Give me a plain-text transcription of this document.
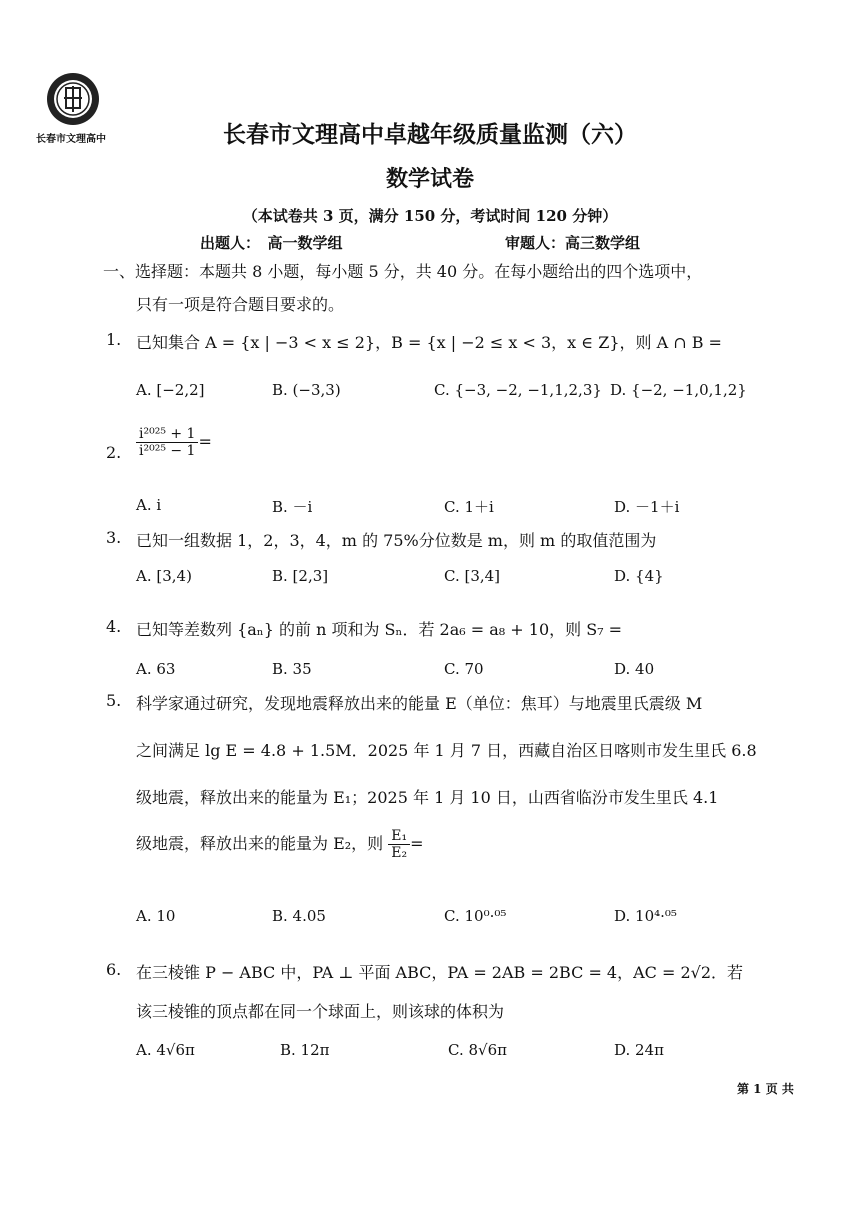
长春市文理高中	长春市文理高中卓越年级质量监测（六）
数学试卷
（本试卷共 3 页，满分 150 分，考试时间 120 分钟）
出题人：　高一数学组	审题人：高三数学组
一、选择题：本题共 8 小题，每小题 5 分，共 40 分。在每小题给出的四个选项中，
只有一项是符合题目要求的。
1. 已知集合 A = {x | −3 < x ≤ 2}，B = {x | −2 ≤ x < 3，x ∈ Z}，则 A ∩ B =
A. [−2,2]	B. (−3,3)	C. {−3, −2, −1,1,2,3} D. {−2, −1,0,1,2}
2. $\frac{\text{i²⁰²⁵ + 1}}{\text{i²⁰²⁵ − 1}}$ =
A. i	B. －i	C. 1＋i	D. －1＋i
3. 已知一组数据 1，2，3，4，m 的 75%分位数是 m，则 m 的取值范围为
A. [3,4)	B. [2,3]	C. [3,4]	D. {4}
4. 已知等差数列 {aₙ} 的前 n 项和为 Sₙ．若 2a₆ = a₈ + 10，则 S₇ =
A. 63	B. 35	C. 70	D. 40
5. 科学家通过研究，发现地震释放出来的能量 E（单位：焦耳）与地震里氏震级 M
之间满足 lg E = 4.8 + 1.5M．2025 年 1 月 7 日，西藏自治区日喀则市发生里氏 6.8
级地震，释放出来的能量为 E₁；2025 年 1 月 10 日，山西省临汾市发生里氏 4.1
级地震，释放出来的能量为 E₂，则 $\frac{\text{E₁}}{\text{E₂}}$ =
A. 10	B. 4.05	C. 10⁰·⁰⁵	D. 10⁴·⁰⁵
6. 在三棱锥 P − ABC 中，PA ⊥ 平面 ABC，PA = 2AB = 2BC = 4，AC = 2√2．若
该三棱锥的顶点都在同一个球面上，则该球的体积为
A. 4√6π	B. 12π	C. 8√6π	D. 24π
第 1 页 共
